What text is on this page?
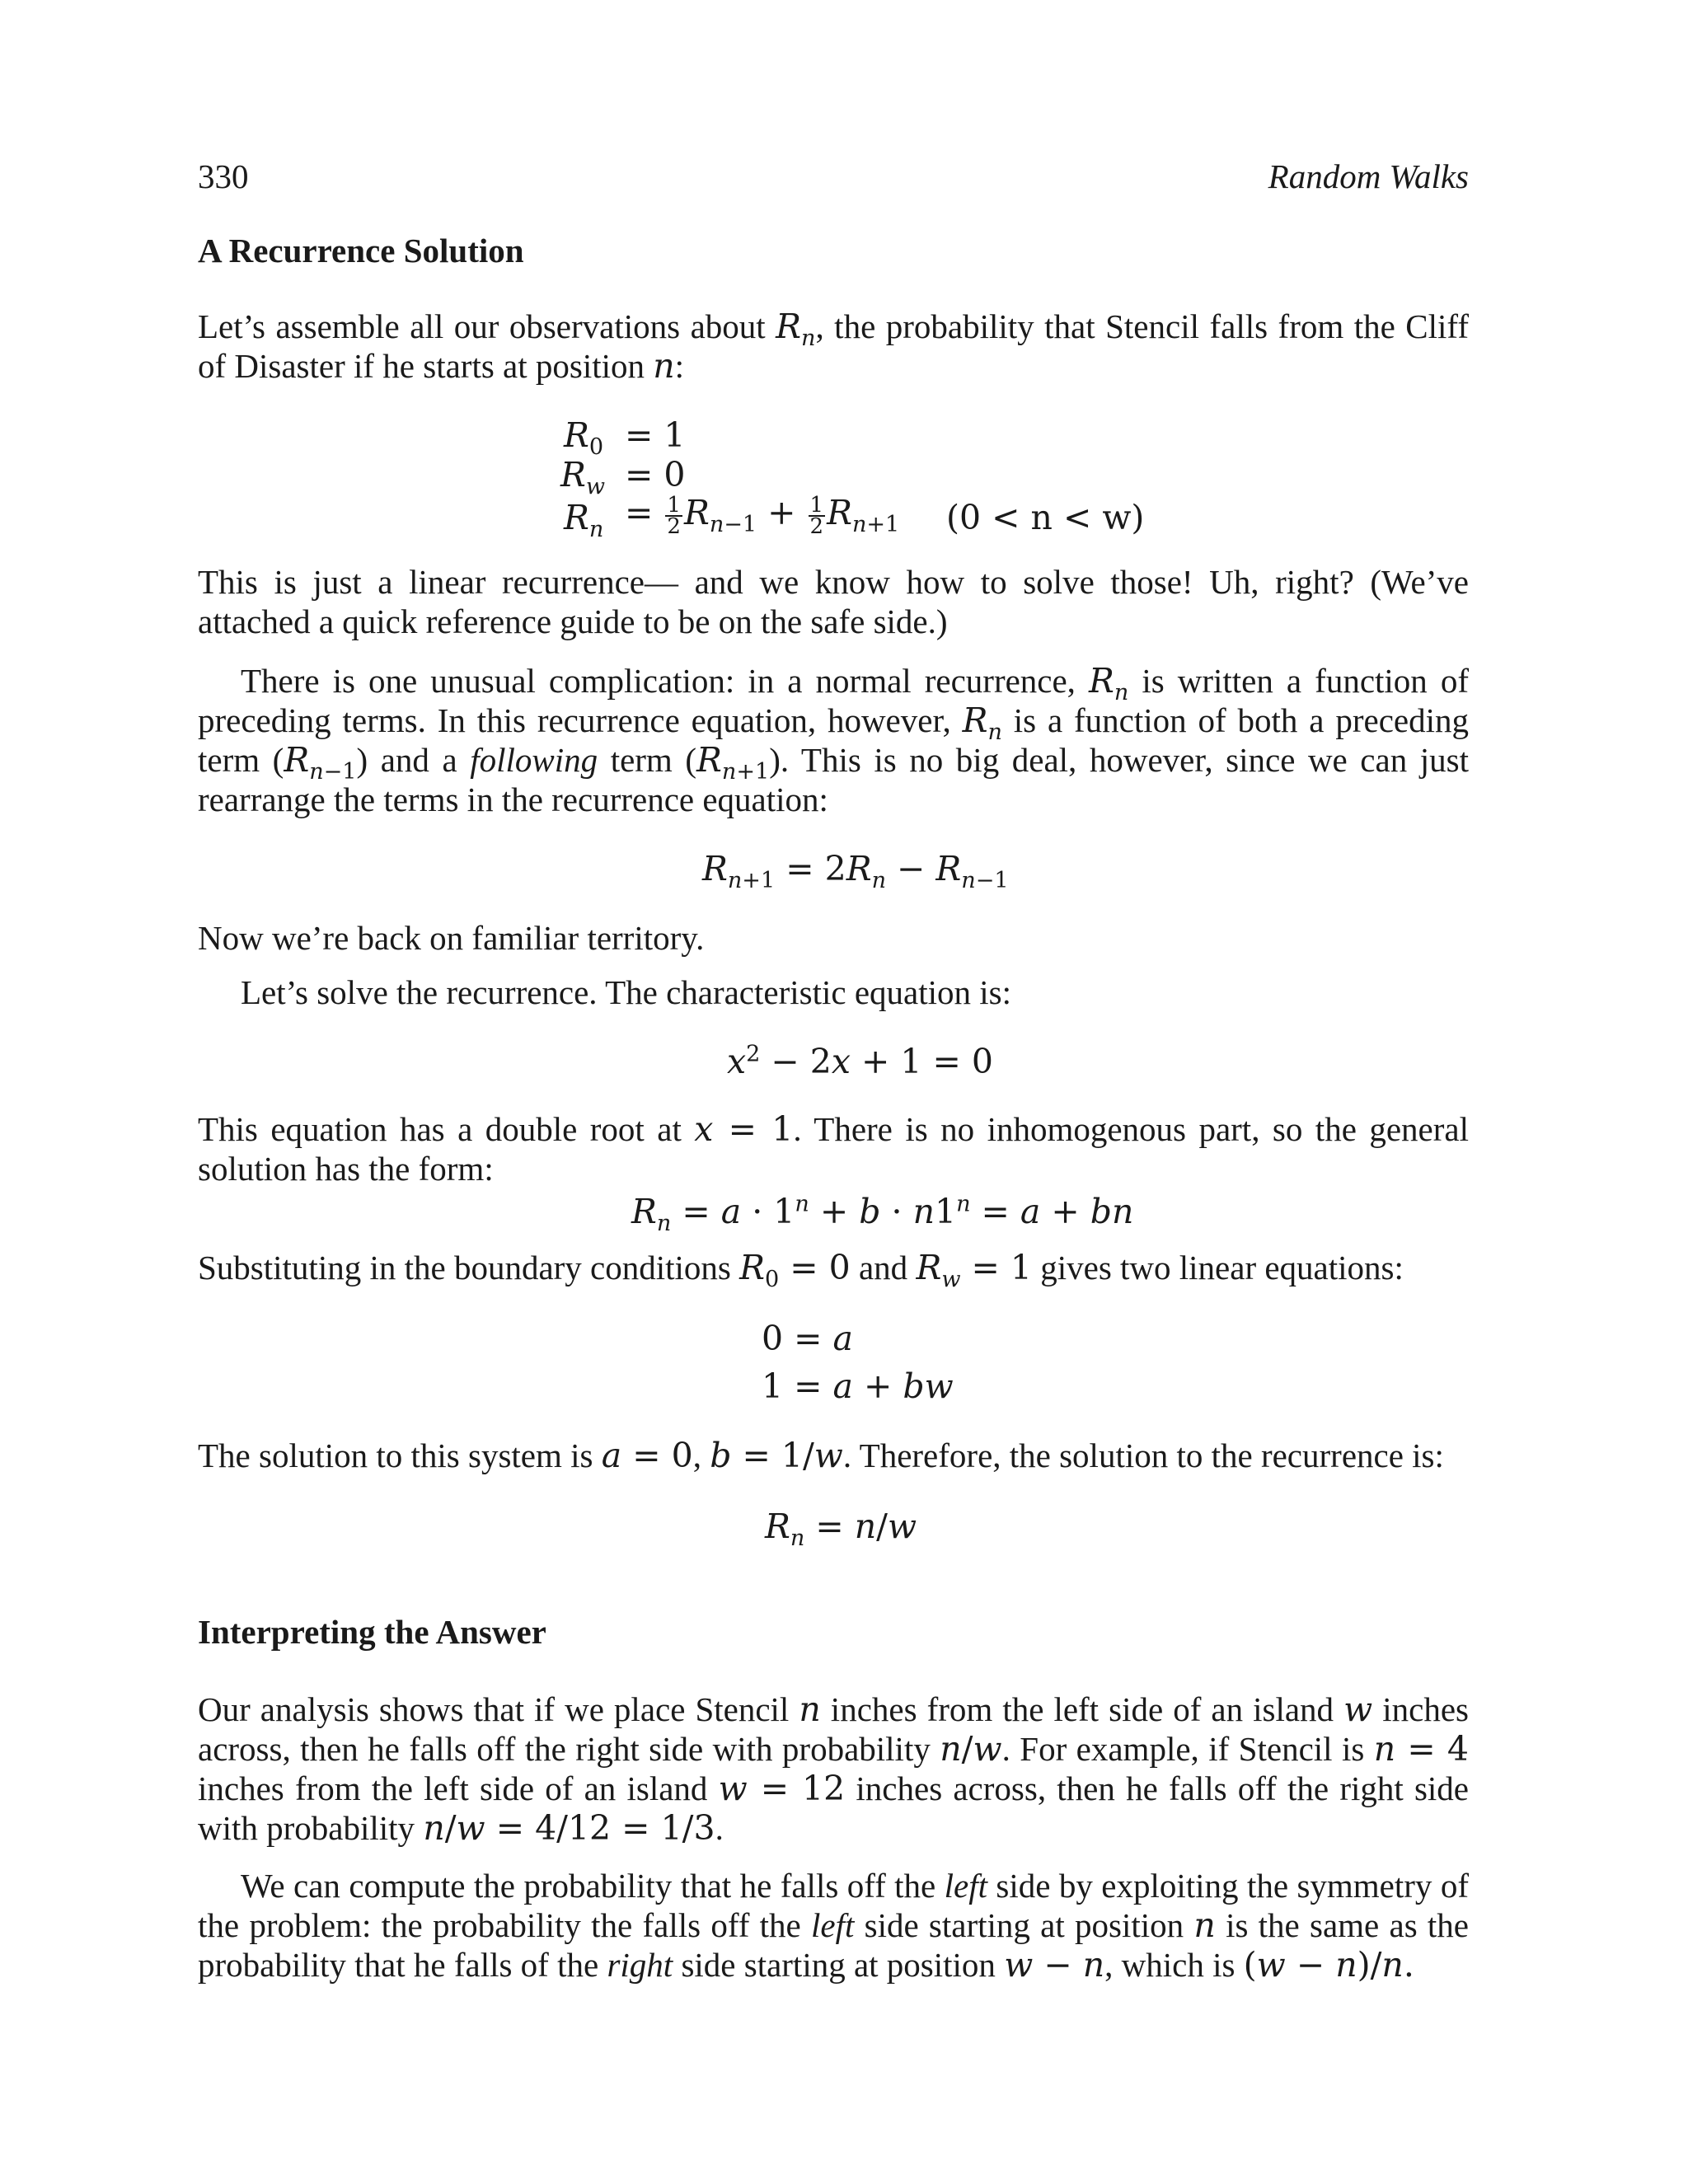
330	Random Walks
A Recurrence Solution
Let’s assemble all our observations about $R_n$, the probability that Stencil falls from the Cliff of Disaster if he starts at position n:
$R_0 = 1$
$R_w = 0$
$R_n = \frac{1}{2} R_{n-1} + \frac{1}{2} R_{n+1}$ (0 < n < w)
This is just a linear recurrence— and we know how to solve those! Uh, right? (We’ve attached a quick reference guide to be on the safe side.)
There is one unusual complication: in a normal recurrence, $R_n$ is written a function of preceding terms. In this recurrence equation, however, $R_n$ is a function of both a preceding term $(R_{n-1})$ and a following term $(R_{n+1})$. This is no big deal, however, since we can just rearrange the terms in the recurrence equation:
$R_{n+1} = 2R_n - R_{n-1}$
Now we’re back on familiar territory.
Let’s solve the recurrence. The characteristic equation is:
$x^2 - 2x + 1 = 0$
This equation has a double root at x = 1. There is no inhomogenous part, so the general solution has the form:
$R_n = a \cdot 1^n + b \cdot n1^n = a$ + bn
Substituting in the boundary conditions $R_0 = 0$ and $R_w = 1$ gives two linear equations:
0 = a
1 = a + bw
The solution to this system is a = 0, b = 1/w. Therefore, the solution to the recurrence is:
$R_n = n/w$
Interpreting the Answer
Our analysis shows that if we place Stencil n inches from the left side of an island w inches across, then he falls off the right side with probability n/w. For example, if Stencil is n = 4 inches from the left side of an island w = 12 inches across, then he falls off the right side with probability n/w = 4/12 = 1/3.
We can compute the probability that he falls off the left side by exploiting the symmetry of the problem: the probability the falls off the left side starting at position n is the same as the probability that he falls of the right side starting at position w − n, which is (w − n)/n.
